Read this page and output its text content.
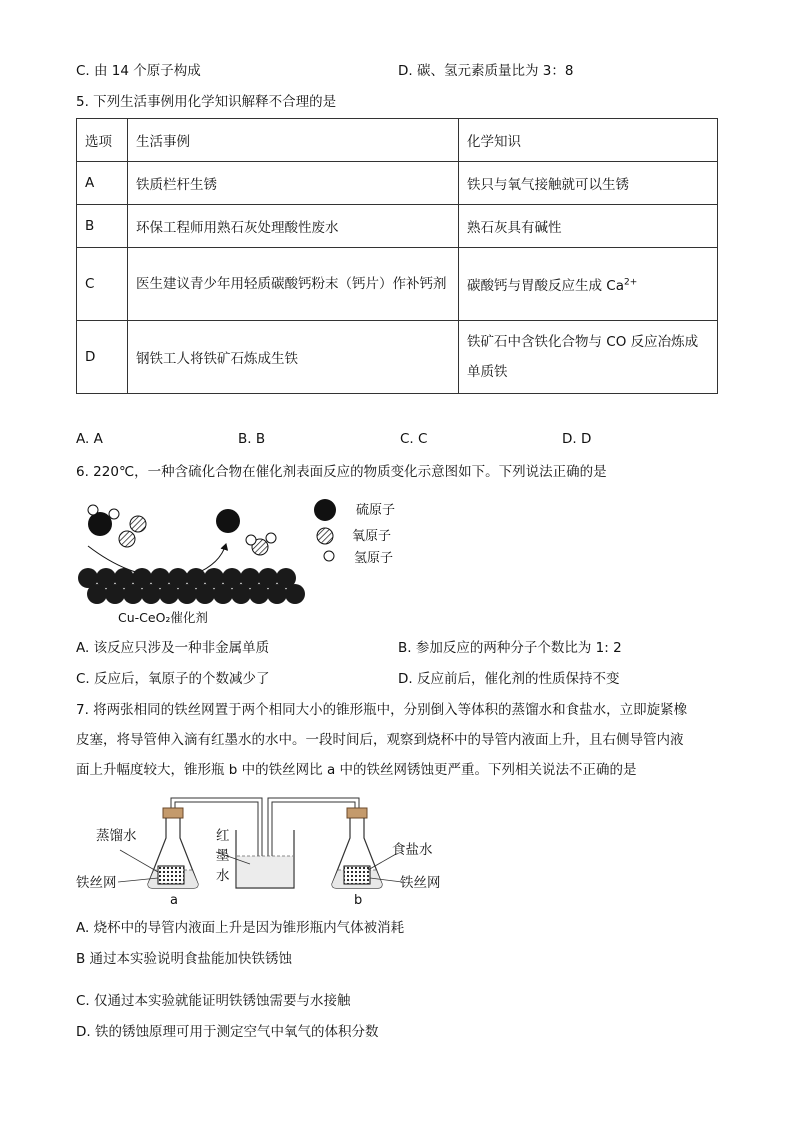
C. 由 14 个原子构成	D. 碳、氢元素质量比为 3：8
5. 下列生活事例用化学知识解释不合理的是
选项	生活事例	化学知识
A	铁质栏杆生锈	铁只与氧气接触就可以生锈
B	环保工程师用熟石灰处理酸性废水	熟石灰具有碱性
C	医生建议青少年用轻质碳酸钙粉末（钙片）作补钙剂	碳酸钙与胃酸反应生成 $Ca^{2+}$
D	钢铁工人将铁矿石炼成生铁	铁矿石中含铁化合物与 CO 反应冶炼成单质铁
A. A	B. B	C. C	D. D
6. 220℃，一种含硫化合物在催化剂表面反应的物质变化示意图如下。下列说法正确的是
Cu-CeO₂催化剂
硫原子
氧原子
氢原子
A. 该反应只涉及一种非金属单质	B. 参加反应的两种分子个数比为 1: 2
C. 反应后，氧原子的个数减少了	D. 反应前后，催化剂的性质保持不变
7. 将两张相同的铁丝网置于两个相同大小的锥形瓶中，分别倒入等体积的蒸馏水和食盐水，立即旋紧橡
皮塞，将导管伸入滴有红墨水的水中。一段时间后，观察到烧杯中的导管内液面上升，且右侧导管内液
面上升幅度较大，锥形瓶 b 中的铁丝网比 a 中的铁丝网锈蚀更严重。下列相关说法不正确的是
蒸馏水
铁丝网
a
红
墨
水
食盐水
铁丝网
b
A. 烧杯中的导管内液面上升是因为锥形瓶内气体被消耗
B 通过本实验说明食盐能加快铁锈蚀
C. 仅通过本实验就能证明铁锈蚀需要与水接触
D. 铁的锈蚀原理可用于测定空气中氧气的体积分数
